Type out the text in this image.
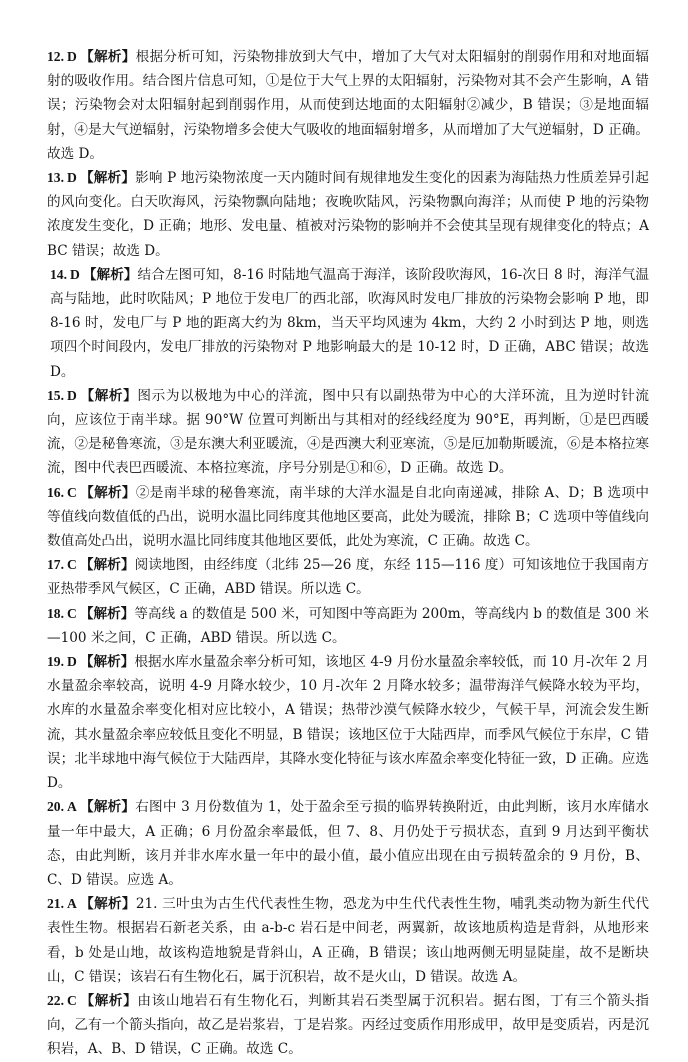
12. D 【解析】根据分析可知，污染物排放到大气中，增加了大气对太阳辐射的削弱作用和对地面辐射的吸收作用。结合图片信息可知，①是位于大气上界的太阳辐射，污染物对其不会产生影响，A 错误；污染物会对太阳辐射起到削弱作用，从而使到达地面的太阳辐射②减少，B 错误；③是地面辐射，④是大气逆辐射，污染物增多会使大气吸收的地面辐射增多，从而增加了大气逆辐射，D 正确。故选 D。

13. D 【解析】影响 P 地污染物浓度一天内随时间有规律地发生变化的因素为海陆热力性质差异引起的风向变化。白天吹海风，污染物飘向陆地；夜晚吹陆风，污染物飘向海洋；从而使 P 地的污染物浓度发生变化，D 正确；地形、发电量、植被对污染物的影响并不会使其呈现有规律变化的特点；ABC 错误；故选 D。

14. D 【解析】结合左图可知，8-16 时陆地气温高于海洋，该阶段吹海风，16-次日 8 时，海洋气温高与陆地，此时吹陆风；P 地位于发电厂的西北部，吹海风时发电厂排放的污染物会影响 P 地，即 8-16 时，发电厂与 P 地的距离大约为 8km，当天平均风速为 4km，大约 2 小时到达 P 地，则选项四个时间段内，发电厂排放的污染物对 P 地影响最大的是 10-12 时，D 正确，ABC 错误；故选 D。

15. D 【解析】图示为以极地为中心的洋流，图中只有以副热带为中心的大洋环流，且为逆时针流向，应该位于南半球。据 90°W 位置可判断出与其相对的经线经度为 90°E，再判断，①是巴西暖流，②是秘鲁寒流，③是东澳大利亚暖流，④是西澳大利亚寒流，⑤是厄加勒斯暖流，⑥是本格拉寒流，图中代表巴西暖流、本格拉寒流，序号分别是①和⑥，D 正确。故选 D。

16. C 【解析】②是南半球的秘鲁寒流，南半球的大洋水温是自北向南递减，排除 A、D；B 选项中等值线向数值低的凸出，说明水温比同纬度其他地区要高，此处为暖流，排除 B；C 选项中等值线向数值高处凸出，说明水温比同纬度其他地区要低，此处为寒流，C 正确。故选 C。

17. C 【解析】阅读地图，由经纬度（北纬 25—26 度，东经 115—116 度）可知该地位于我国南方亚热带季风气候区，C 正确，ABD 错误。所以选 C。

18. C 【解析】等高线 a 的数值是 500 米，可知图中等高距为 200m，等高线内 b 的数值是 300 米—100 米之间，C 正确，ABD 错误。所以选 C。

19. D 【解析】根据水库水量盈余率分析可知，该地区 4-9 月份水量盈余率较低，而 10 月-次年 2 月水量盈余率较高，说明 4-9 月降水较少，10 月-次年 2 月降水较多；温带海洋气候降水较为平均，水库的水量盈余率变化相对应比较小，A 错误；热带沙漠气候降水较少，气候干旱，河流会发生断流，其水量盈余率应较低且变化不明显，B 错误；该地区位于大陆西岸，而季风气候位于东岸，C 错误；北半球地中海气候位于大陆西岸，其降水变化特征与该水库盈余率变化特征一致，D 正确。应选 D。

20. A 【解析】右图中 3 月份数值为 1，处于盈余至亏损的临界转换附近，由此判断，该月水库储水量一年中最大，A 正确；6 月份盈余率最低，但 7、8、月仍处于亏损状态，直到 9 月达到平衡状态，由此判断，该月并非水库水量一年中的最小值，最小值应出现在由亏损转盈余的 9 月份，B、C、D 错误。应选 A。

21. A 【解析】21. 三叶虫为古生代代表性生物，恐龙为中生代代表性生物，哺乳类动物为新生代代表性生物。根据岩石新老关系，由 a-b-c 岩石是中间老，两翼新，故该地质构造是背斜，从地形来看，b 处是山地，故该构造地貌是背斜山，A 正确，B 错误；该山地两侧无明显陡崖，故不是断块山，C 错误；该岩石有生物化石，属于沉积岩，故不是火山，D 错误。故选 A。

22. C 【解析】由该山地岩石有生物化石，判断其岩石类型属于沉积岩。据右图，丁有三个箭头指向，乙有一个箭头指向，故乙是岩浆岩，丁是岩浆。丙经过变质作用形成甲，故甲是变质岩，丙是沉积岩，A、B、D 错误，C 正确。故选 C。
